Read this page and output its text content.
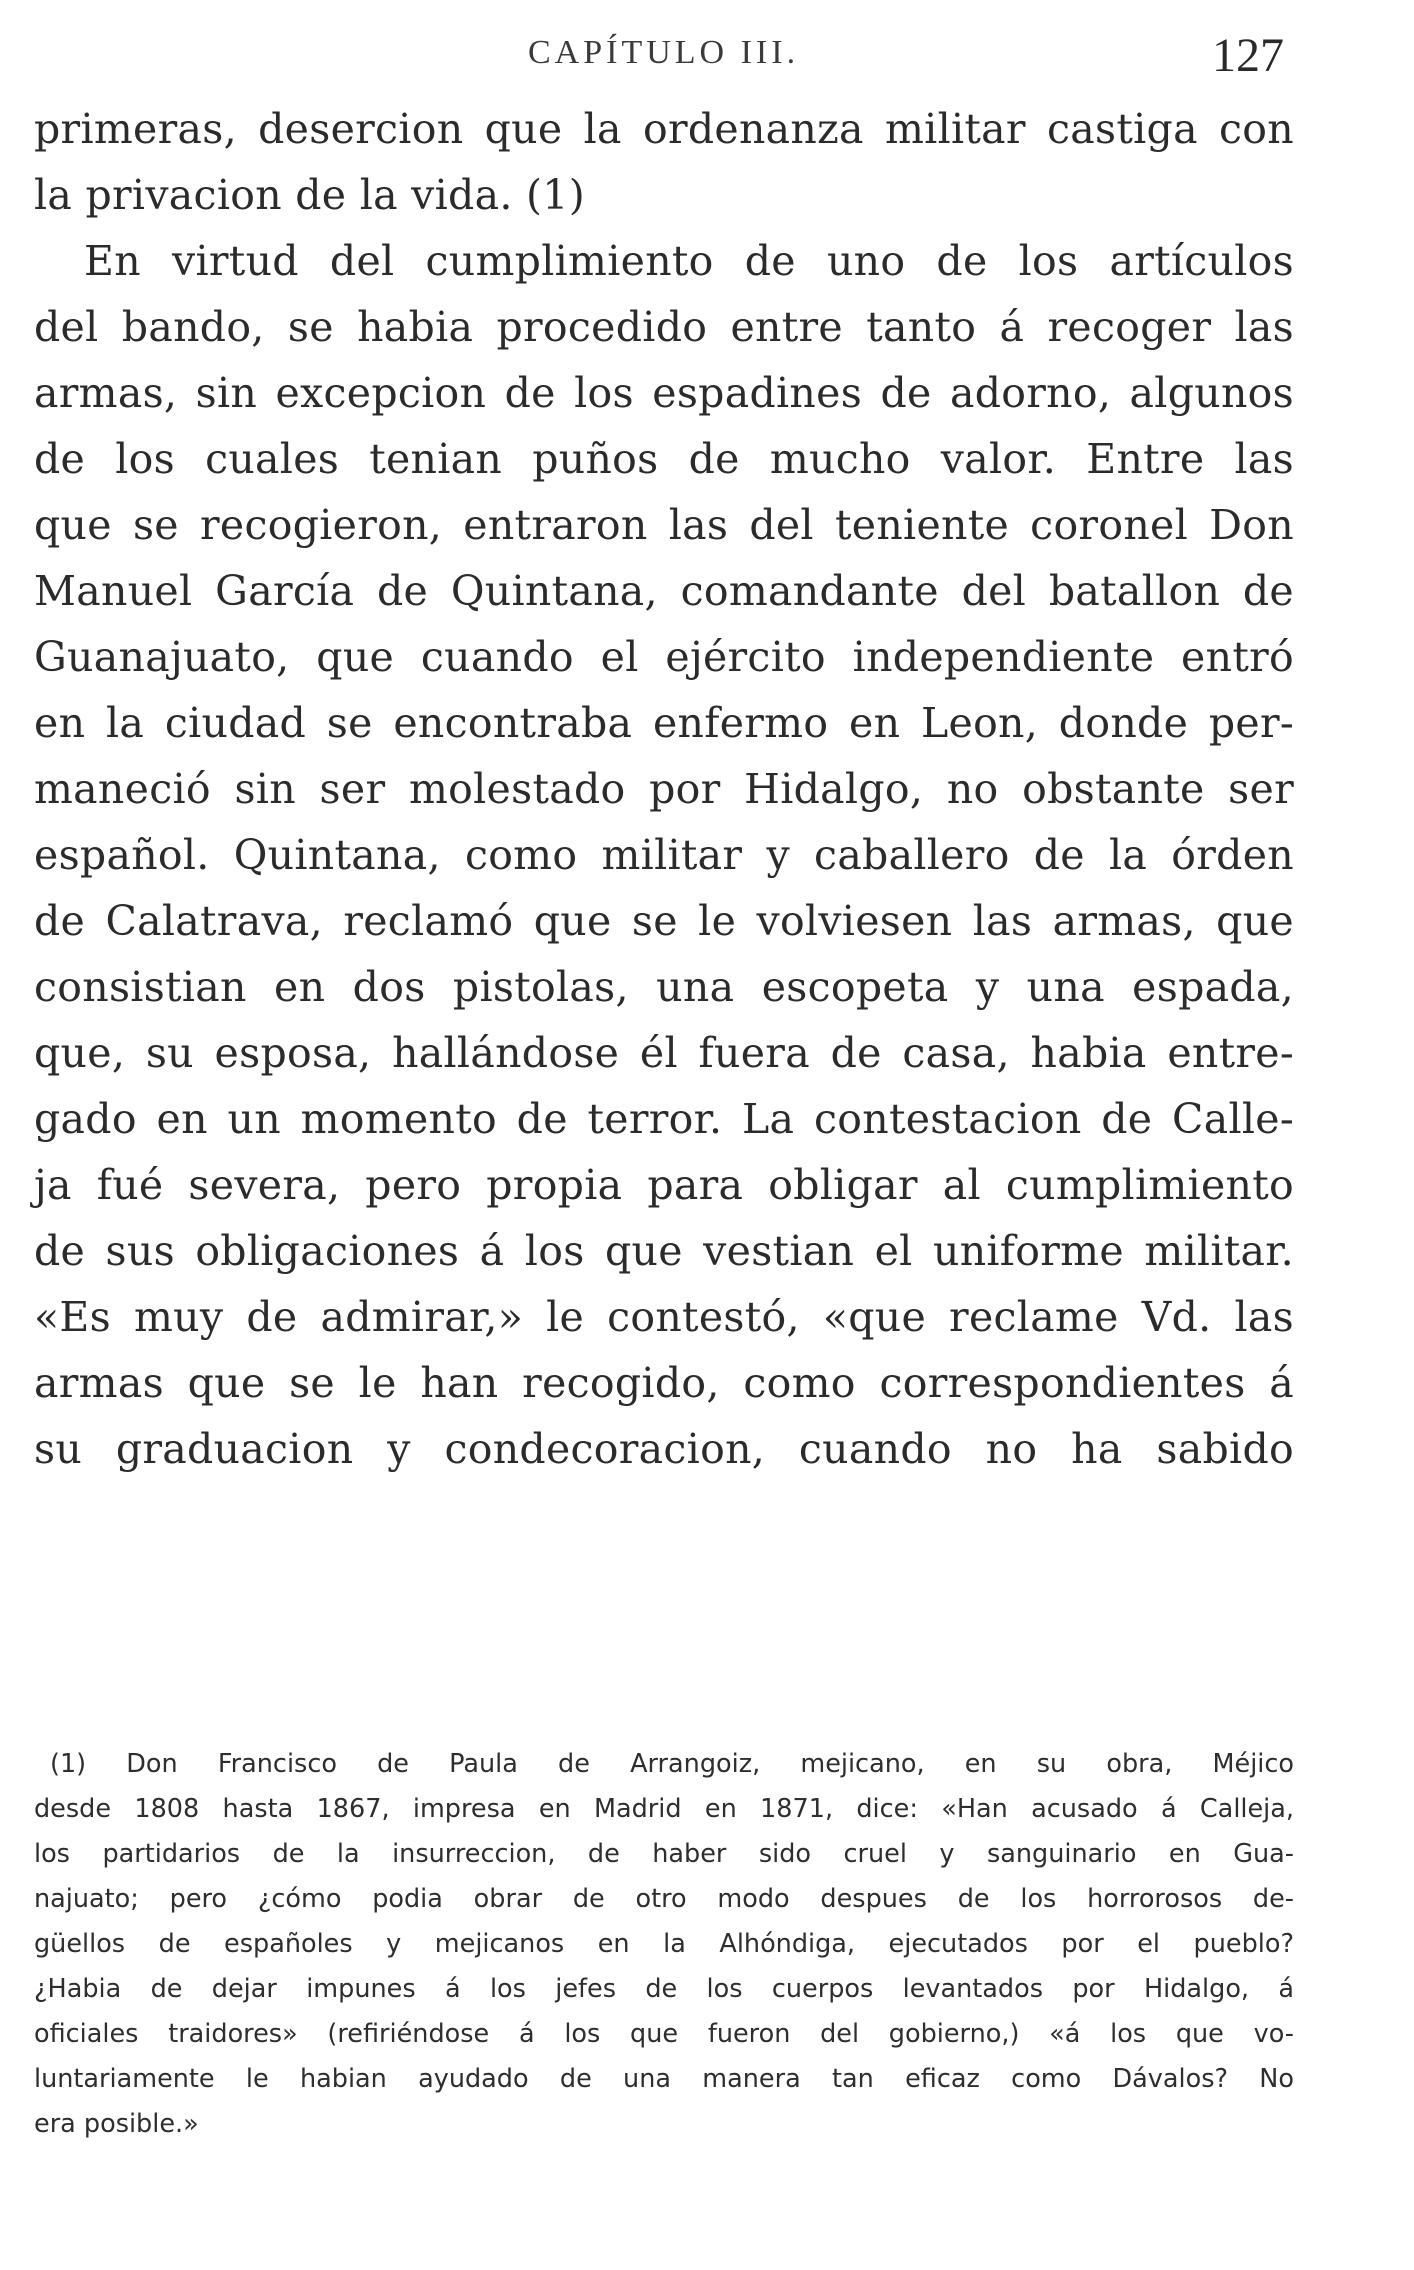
CAPÍTULO III.	127
primeras, desercion que la ordenanza militar castiga con
la privacion de la vida. (1)
En virtud del cumplimiento de uno de los artículos
del bando, se habia procedido entre tanto á recoger las
armas, sin excepcion de los espadines de adorno, algunos
de los cuales tenian puños de mucho valor. Entre las
que se recogieron, entraron las del teniente coronel Don
Manuel García de Quintana, comandante del batallon de
Guanajuato, que cuando el ejército independiente entró
en la ciudad se encontraba enfermo en Leon, donde per-
maneció sin ser molestado por Hidalgo, no obstante ser
español. Quintana, como militar y caballero de la órden
de Calatrava, reclamó que se le volviesen las armas, que
consistian en dos pistolas, una escopeta y una espada,
que, su esposa, hallándose él fuera de casa, habia entre-
gado en un momento de terror. La contestacion de Calle-
ja fué severa, pero propia para obligar al cumplimiento
de sus obligaciones á los que vestian el uniforme militar.
«Es muy de admirar,» le contestó, «que reclame Vd. las
armas que se le han recogido, como correspondientes á
su graduacion y condecoracion, cuando no ha sabido
(1) Don Francisco de Paula de Arrangoiz, mejicano, en su obra, Méjico
desde 1808 hasta 1867, impresa en Madrid en 1871, dice: «Han acusado á Calleja,
los partidarios de la insurreccion, de haber sido cruel y sanguinario en Gua-
najuato; pero ¿cómo podia obrar de otro modo despues de los horrorosos de-
güellos de españoles y mejicanos en la Alhóndiga, ejecutados por el pueblo?
¿Habia de dejar impunes á los jefes de los cuerpos levantados por Hidalgo, á
oficiales traidores» (refiriéndose á los que fueron del gobierno,) «á los que vo-
luntariamente le habian ayudado de una manera tan eficaz como Dávalos? No
era posible.»
